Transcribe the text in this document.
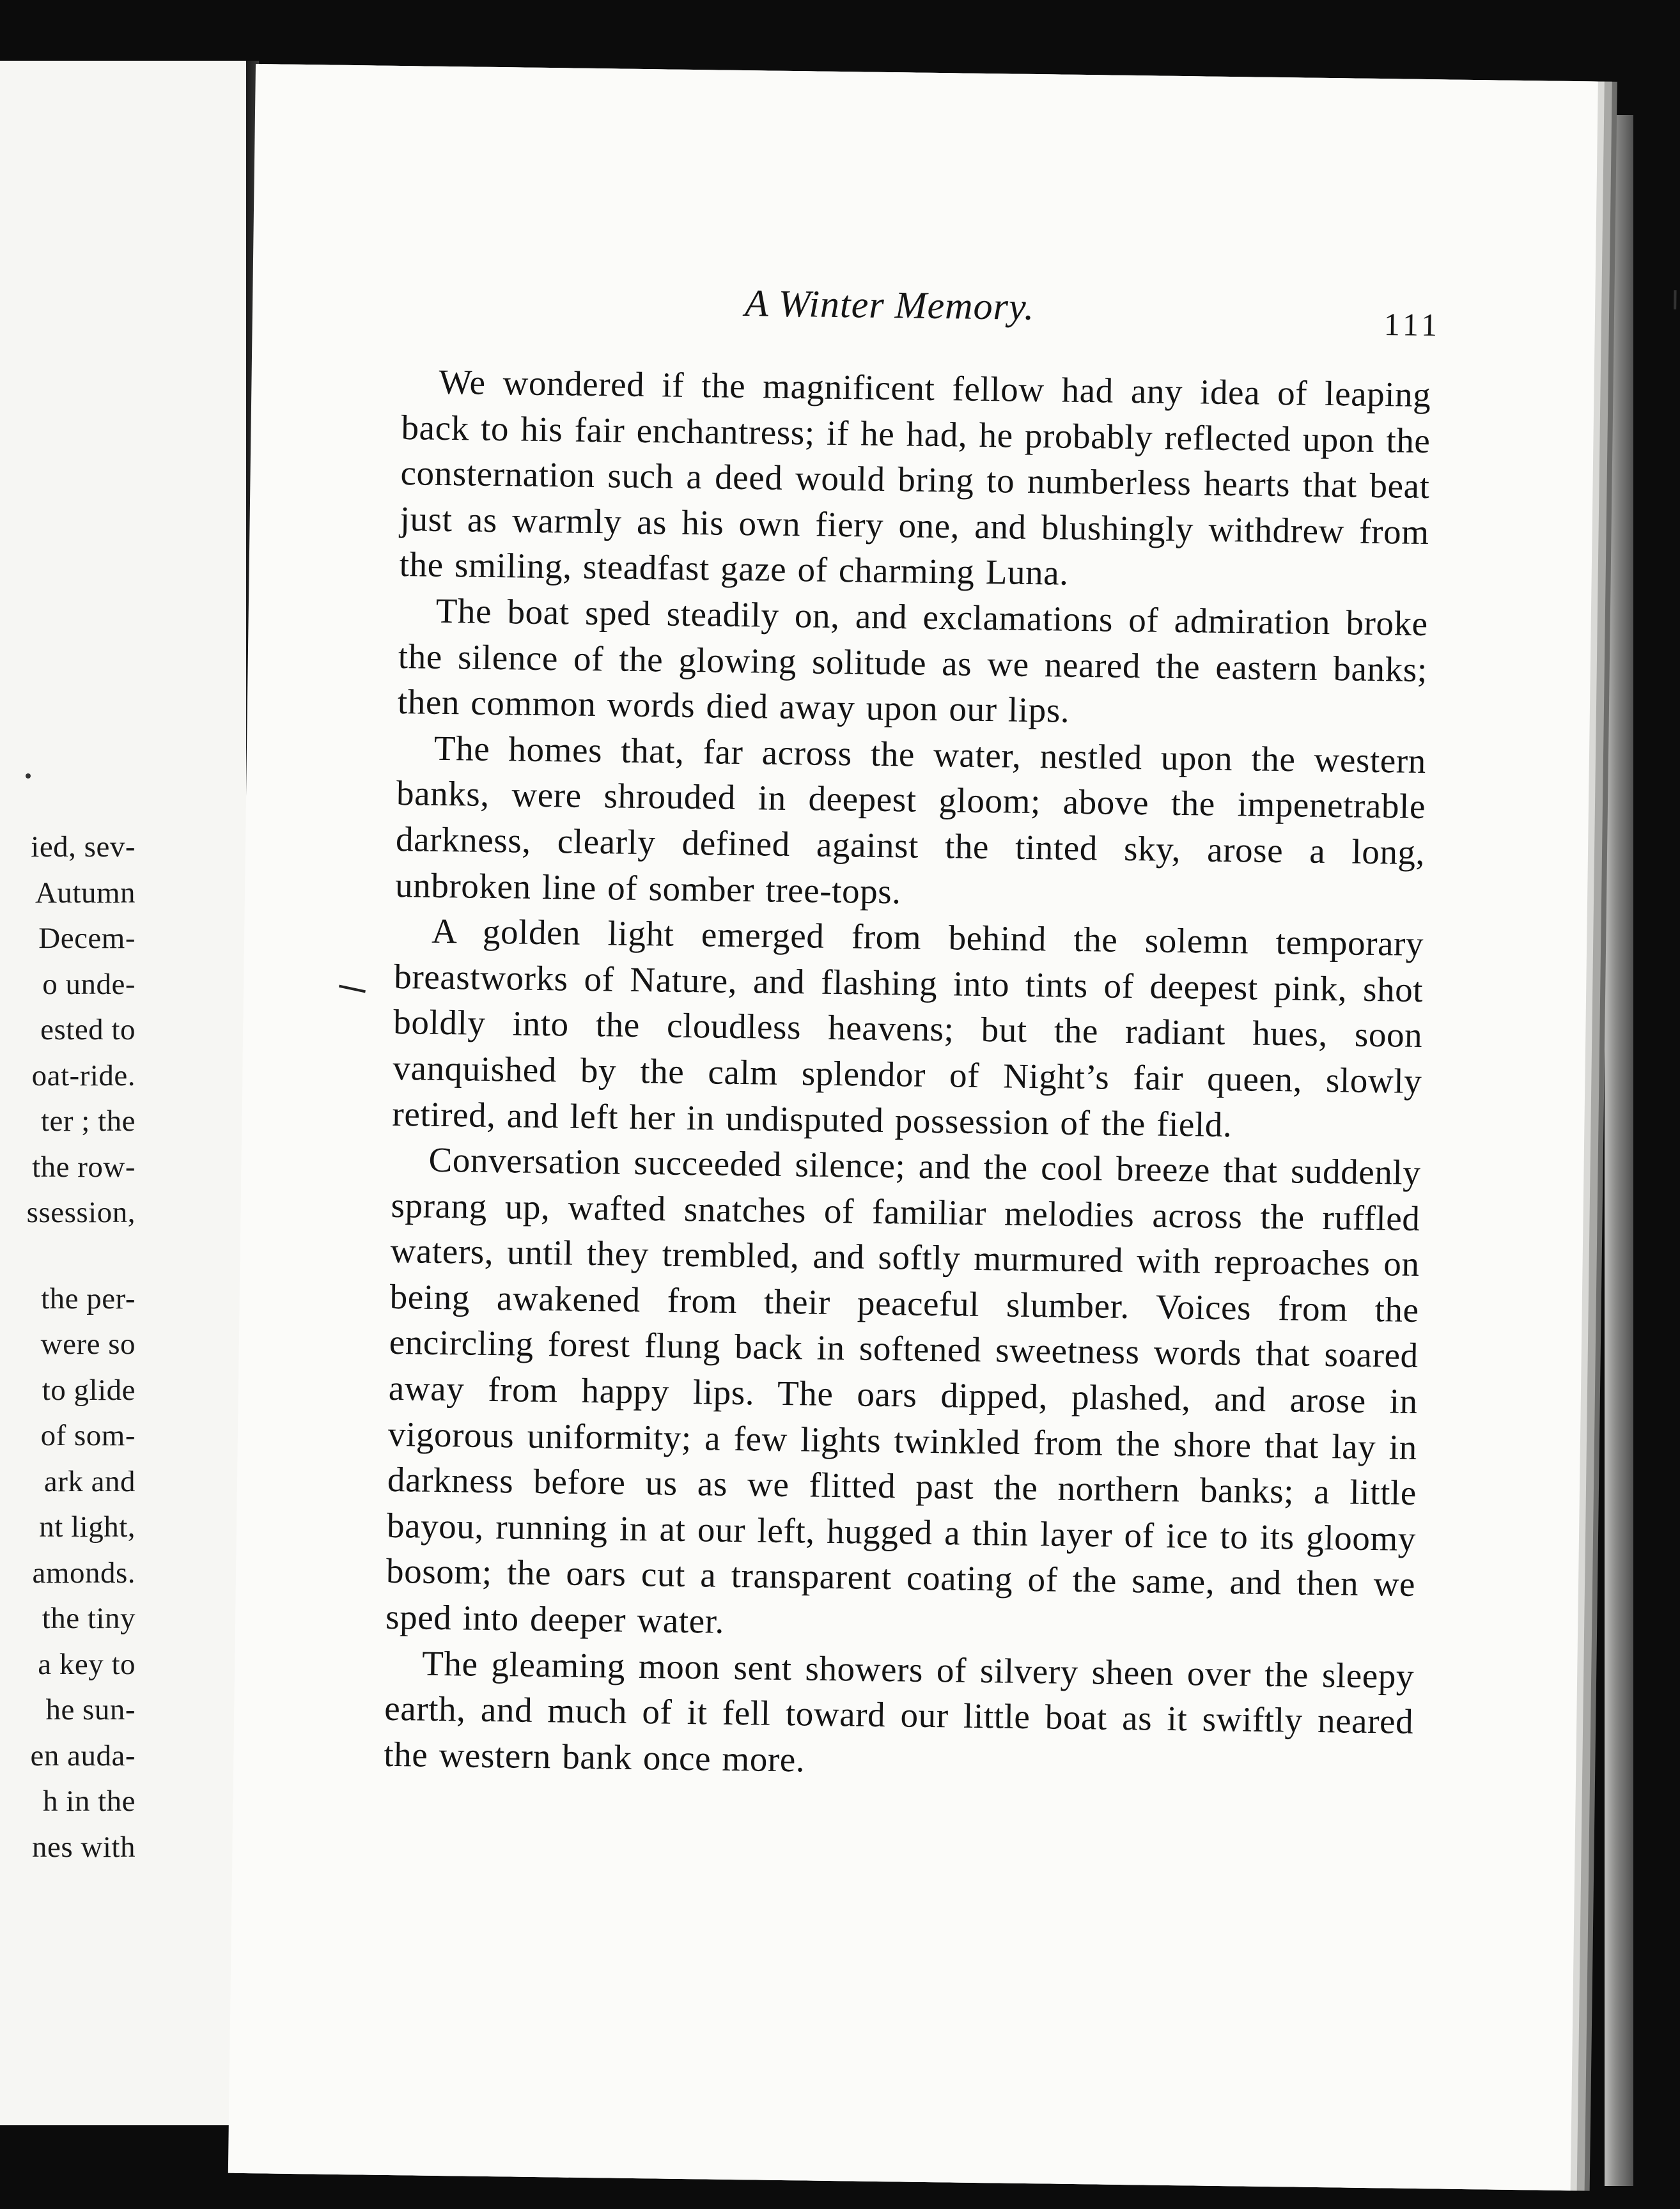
ied, sev-
Autumn
Decem-
o unde-
ested to
oat-ride.
ter ; the
the row-
ssession,
the per-
were so
to glide
of som-
ark and
nt light,
amonds.
the tiny
a key to
he sun-
en auda-
h in the
nes with
A Winter Memory.	111

We wondered if the magnificent fellow had any idea of leaping back to his fair enchantress; if he had, he probably reflected upon the consternation such a deed would bring to numberless hearts that beat just as warmly as his own fiery one, and blushingly withdrew from the smiling, steadfast gaze of charming Luna.

The boat sped steadily on, and exclamations of admiration broke the silence of the glowing solitude as we neared the eastern banks; then common words died away upon our lips.

The homes that, far across the water, nestled upon the western banks, were shrouded in deepest gloom; above the impenetrable darkness, clearly defined against the tinted sky, arose a long, unbroken line of somber tree-tops.

A golden light emerged from behind the solemn temporary breastworks of Nature, and flashing into tints of deepest pink, shot boldly into the cloudless heavens; but the radiant hues, soon vanquished by the calm splendor of Night’s fair queen, slowly retired, and left her in undisputed possession of the field.

Conversation succeeded silence; and the cool breeze that suddenly sprang up, wafted snatches of familiar melodies across the ruffled waters, until they trembled, and softly murmured with reproaches on being awakened from their peaceful slumber. Voices from the encircling forest flung back in softened sweetness words that soared away from happy lips. The oars dipped, plashed, and arose in vigorous uniformity; a few lights twinkled from the shore that lay in darkness before us as we flitted past the northern banks; a little bayou, running in at our left, hugged a thin layer of ice to its gloomy bosom; the oars cut a transparent coating of the same, and then we sped into deeper water.

The gleaming moon sent showers of silvery sheen over the sleepy earth, and much of it fell toward our little boat as it swiftly neared the western bank once more.
